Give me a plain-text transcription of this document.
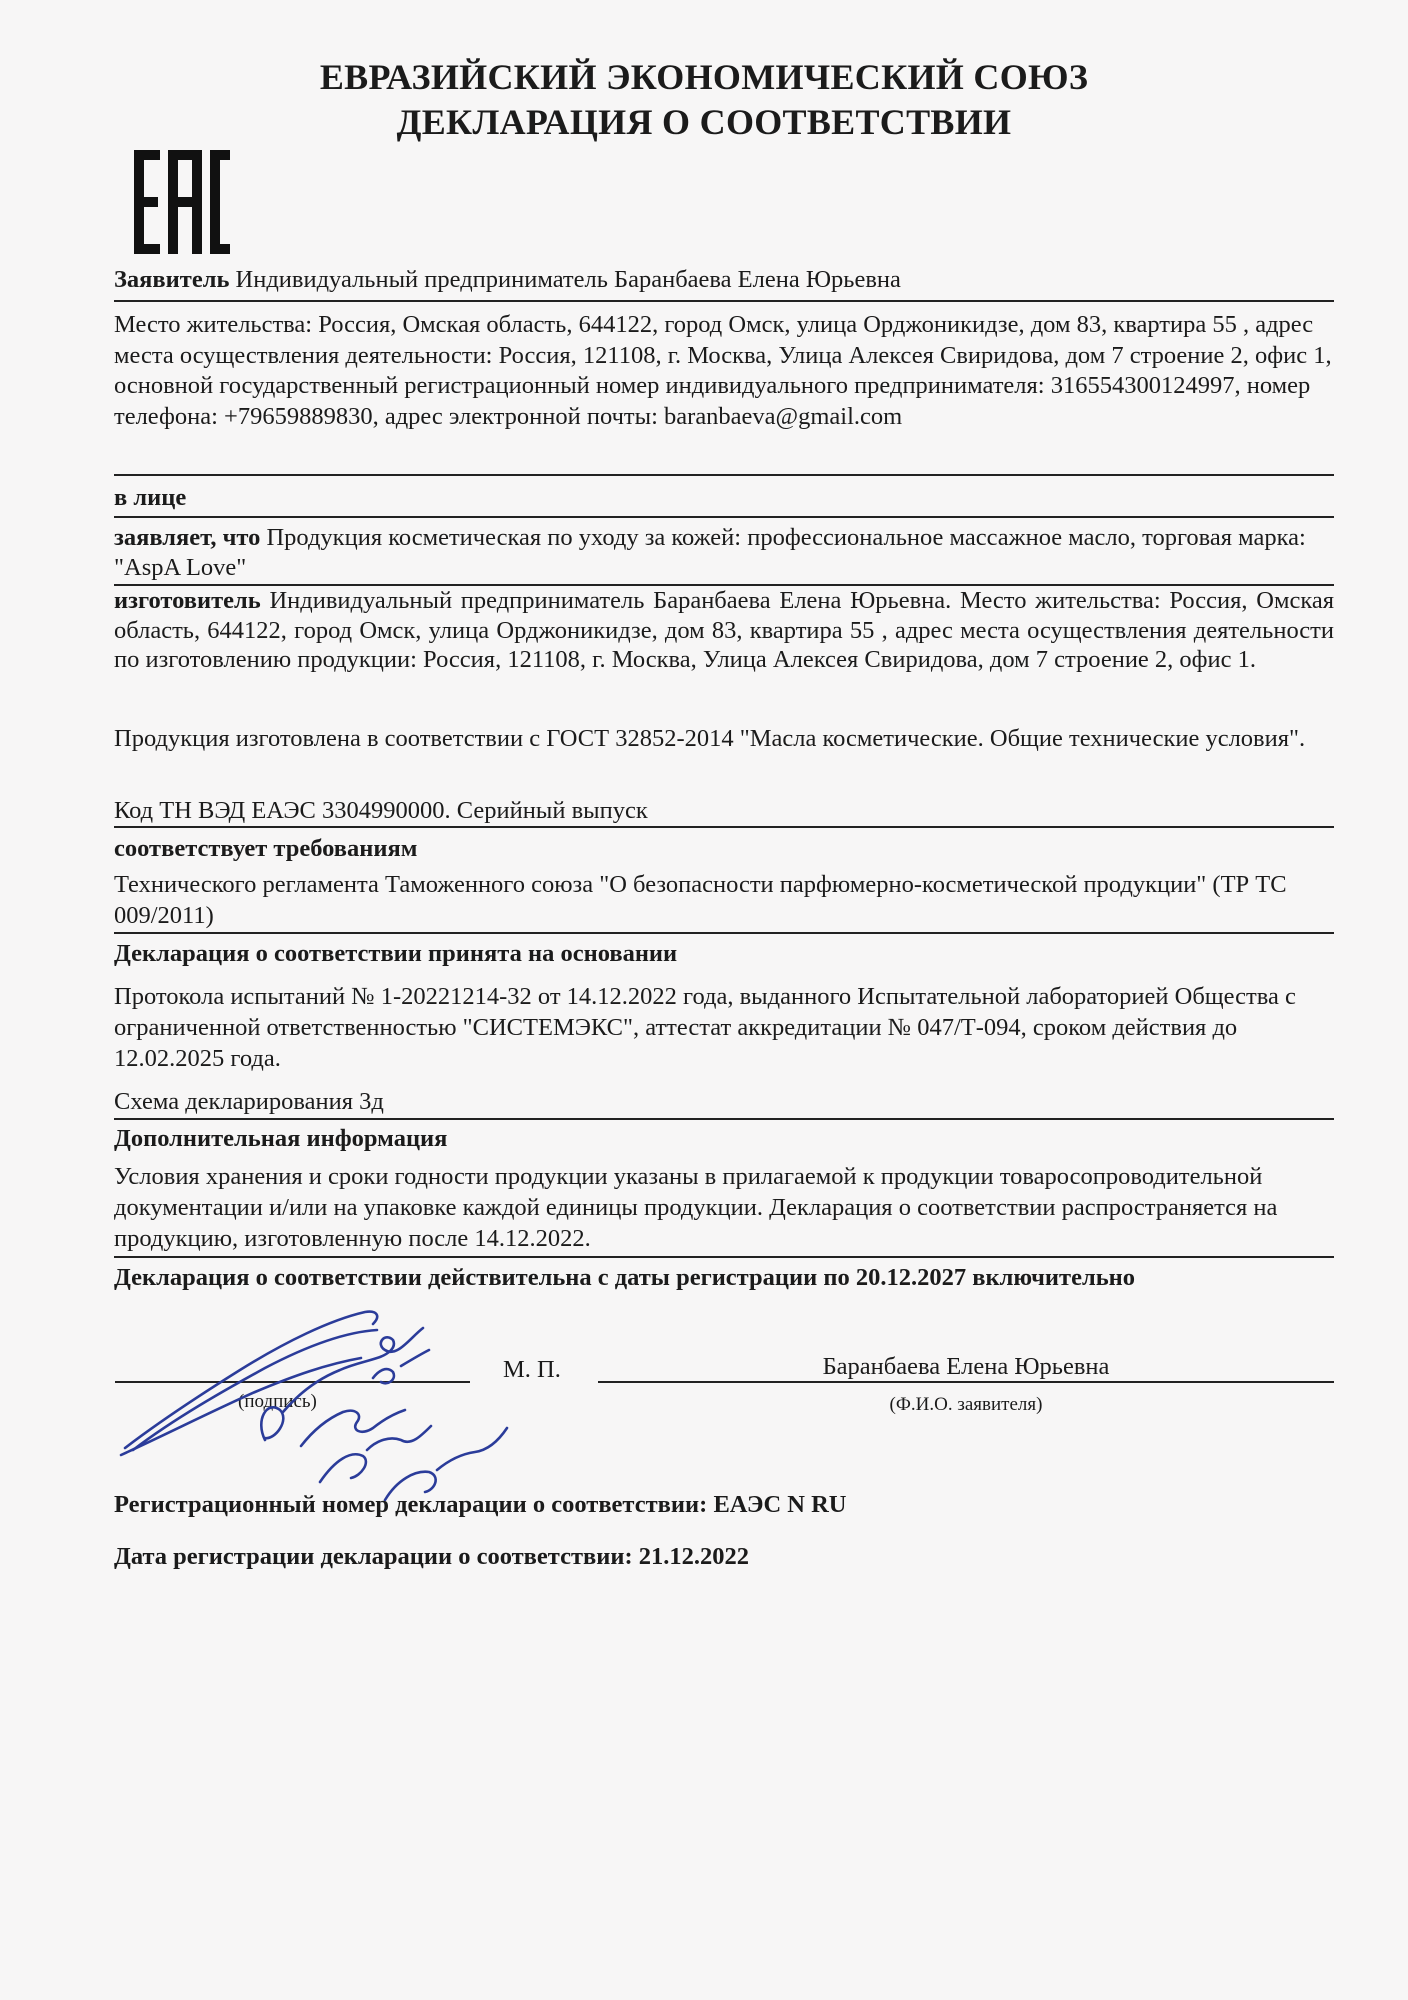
ЕВРАЗИЙСКИЙ ЭКОНОМИЧЕСКИЙ СОЮЗ
ДЕКЛАРАЦИЯ О СООТВЕТСТВИИ
Заявитель Индивидуальный предприниматель Баранбаева Елена Юрьевна
Место жительства: Россия, Омская область, 644122, город Омск, улица Орджоникидзе, дом 83, квартира 55 , адрес места осуществления деятельности: Россия, 121108, г. Москва, Улица Алексея Свиридова, дом 7 строение 2, офис 1, основной государственный регистрационный номер индивидуального предпринимателя: 316554300124997, номер телефона: +79659889830, адрес электронной почты: baranbaeva@gmail.com
в лице
заявляет, что Продукция косметическая по уходу за кожей: профессиональное массажное масло, торговая марка: "AspA Love"
изготовитель Индивидуальный предприниматель Баранбаева Елена Юрьевна. Место жительства: Россия, Омская область, 644122, город Омск, улица Орджоникидзе, дом 83, квартира 55 , адрес места осуществления деятельности по изготовлению продукции: Россия, 121108, г. Москва, Улица Алексея Свиридова, дом 7 строение 2, офис 1.
Продукция изготовлена в соответствии с ГОСТ 32852-2014 "Масла косметические. Общие технические условия".
Код ТН ВЭД ЕАЭС 3304990000. Серийный выпуск
соответствует требованиям
Технического регламента Таможенного союза "О безопасности парфюмерно-косметической продукции" (ТР ТС 009/2011)
Декларация о соответствии принята на основании
Протокола испытаний № 1-20221214-32 от 14.12.2022 года, выданного Испытательной лабораторией Общества с ограниченной ответственностью "СИСТЕМЭКС", аттестат аккредитации № 047/Т-094, сроком действия до 12.02.2025 года.
Схема декларирования 3д
Дополнительная информация
Условия хранения и сроки годности продукции указаны в прилагаемой к продукции товаросопроводительной документации и/или на упаковке каждой единицы продукции. Декларация о соответствии распространяется на продукцию, изготовленную после 14.12.2022.
Декларация о соответствии действительна с даты регистрации по 20.12.2027 включительно
(подпись)
М. П.	Баранбаева Елена Юрьевна
(Ф.И.О. заявителя)
Регистрационный номер декларации о соответствии: ЕАЭС N RU
Дата регистрации декларации о соответствии: 21.12.2022
